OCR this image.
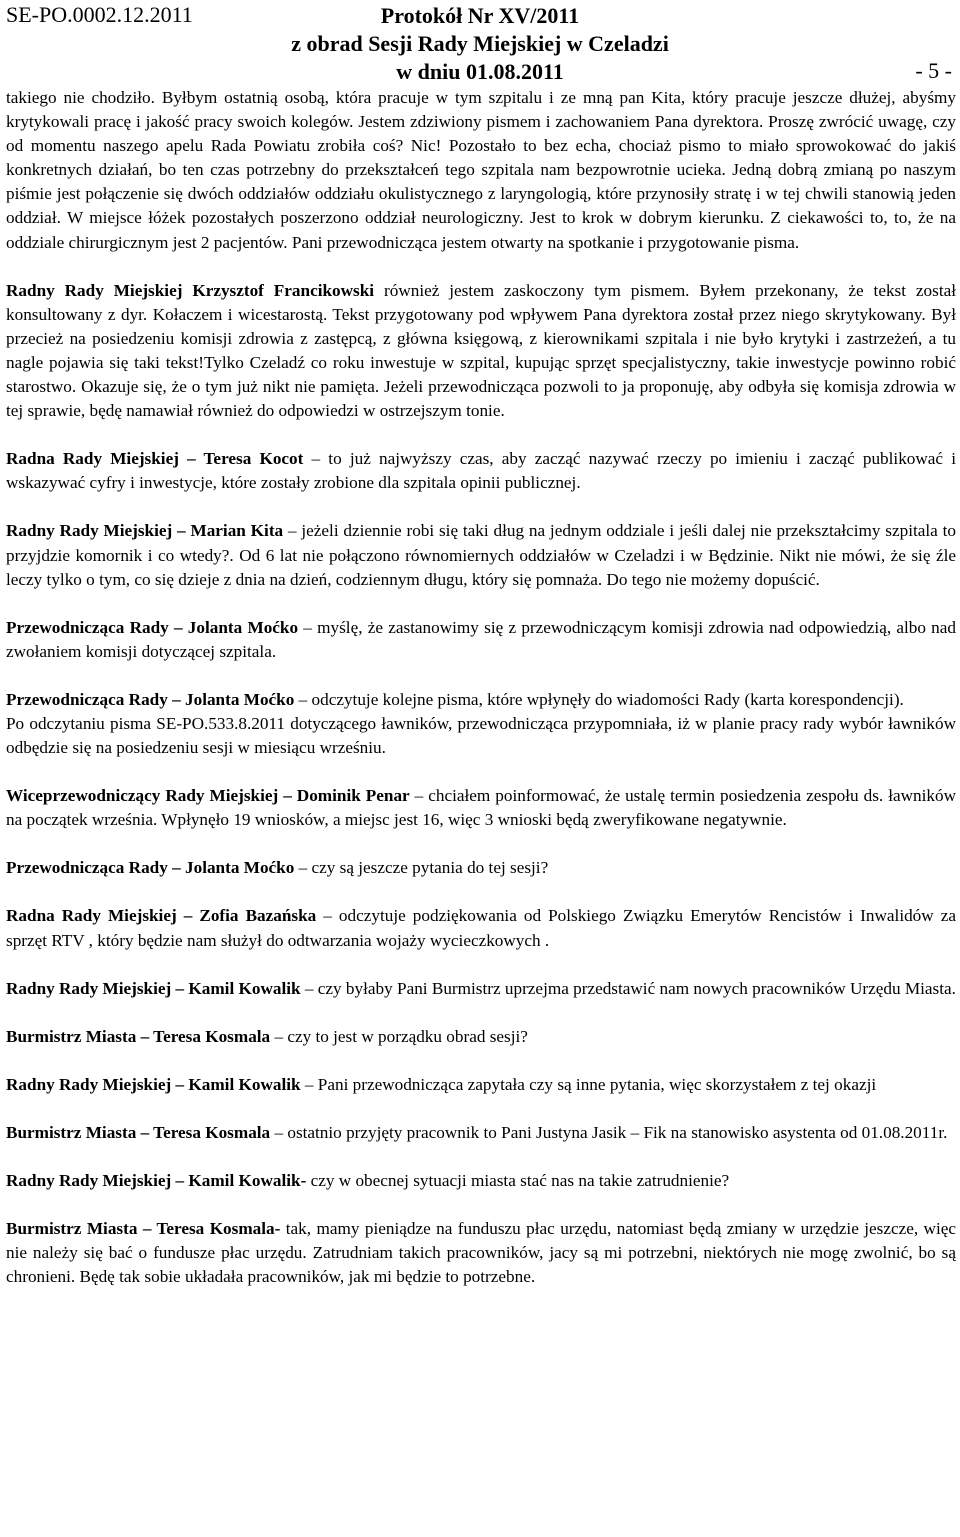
SE-PO.0002.12.2011	Protokół Nr XV/2011
z obrad Sesji Rady Miejskiej w Czeladzi
w dniu 01.08.2011	- 5 -

takiego nie chodziło. Byłbym ostatnią osobą, która pracuje w tym szpitalu i ze mną pan Kita, który pracuje jeszcze dłużej, abyśmy krytykowali pracę i jakość pracy swoich kolegów. Jestem zdziwiony pismem i zachowaniem Pana dyrektora. Proszę zwrócić uwagę, czy od momentu naszego apelu Rada Powiatu zrobiła coś? Nic! Pozostało to bez echa, chociaż pismo to miało sprowokować do jakiś konkretnych działań, bo ten czas potrzebny do przekształceń tego szpitala nam bezpowrotnie ucieka. Jedną dobrą zmianą po naszym piśmie jest połączenie się dwóch oddziałów oddziału okulistycznego z laryngologią, które przynosiły stratę i w tej chwili stanowią jeden oddział. W miejsce łóżek pozostałych poszerzono oddział neurologiczny. Jest to krok w dobrym kierunku. Z ciekawości to, to, że na oddziale chirurgicznym jest 2 pacjentów. Pani przewodnicząca jestem otwarty na spotkanie i przygotowanie pisma.

Radny Rady Miejskiej Krzysztof Francikowski również jestem zaskoczony tym pismem. Byłem przekonany, że tekst został konsultowany z dyr. Kołaczem i wicestarostą. Tekst przygotowany pod wpływem Pana dyrektora został przez niego skrytykowany. Był przecież na posiedzeniu komisji zdrowia z zastępcą, z główna księgową, z kierownikami szpitala i nie było krytyki i zastrzeżeń, a tu nagle pojawia się taki tekst!Tylko Czeladź co roku inwestuje w szpital, kupując sprzęt specjalistyczny, takie inwestycje powinno robić starostwo. Okazuje się, że o tym już nikt nie pamięta. Jeżeli przewodnicząca pozwoli to ja proponuję, aby odbyła się komisja zdrowia w tej sprawie, będę namawiał również do odpowiedzi w ostrzejszym tonie.

Radna Rady Miejskiej – Teresa Kocot – to już najwyższy czas, aby zacząć nazywać rzeczy po imieniu i zacząć publikować i wskazywać cyfry i inwestycje, które zostały zrobione dla szpitala opinii publicznej.

Radny Rady Miejskiej – Marian Kita – jeżeli dziennie robi się taki dług na jednym oddziale i jeśli dalej nie przekształcimy szpitala to przyjdzie komornik i co wtedy?. Od 6 lat nie połączono równomiernych oddziałów w Czeladzi i w Będzinie. Nikt nie mówi, że się źle leczy tylko o tym, co się dzieje z dnia na dzień, codziennym długu, który się pomnaża. Do tego nie możemy dopuścić.

Przewodnicząca Rady – Jolanta Moćko – myślę, że zastanowimy się z przewodniczącym komisji zdrowia nad odpowiedzią, albo nad zwołaniem komisji dotyczącej szpitala.

Przewodnicząca Rady – Jolanta Moćko – odczytuje kolejne pisma, które wpłynęły do wiadomości Rady (karta korespondencji).

Po odczytaniu pisma SE-PO.533.8.2011 dotyczącego ławników, przewodnicząca przypomniała, iż w planie pracy rady wybór ławników odbędzie się na posiedzeniu sesji w miesiącu wrześniu.

Wiceprzewodniczący Rady Miejskiej – Dominik Penar – chciałem poinformować, że ustalę termin posiedzenia zespołu ds. ławników na początek września. Wpłynęło 19 wniosków, a miejsc jest 16, więc 3 wnioski będą zweryfikowane negatywnie.

Przewodnicząca Rady – Jolanta Moćko – czy są jeszcze pytania do tej sesji?

Radna Rady Miejskiej – Zofia Bazańska – odczytuje podziękowania od Polskiego Związku Emerytów Rencistów i Inwalidów za sprzęt RTV , który będzie nam służył do odtwarzania wojaży wycieczkowych .

Radny Rady Miejskiej – Kamil Kowalik – czy byłaby Pani Burmistrz uprzejma przedstawić nam nowych pracowników Urzędu Miasta.

Burmistrz Miasta – Teresa Kosmala – czy to jest w porządku obrad sesji?

Radny Rady Miejskiej – Kamil Kowalik – Pani przewodnicząca zapytała czy są inne pytania, więc skorzystałem z tej okazji

Burmistrz Miasta – Teresa Kosmala – ostatnio przyjęty pracownik to Pani Justyna Jasik – Fik na stanowisko asystenta od 01.08.2011r.

Radny Rady Miejskiej – Kamil Kowalik- czy w obecnej sytuacji miasta stać nas na takie zatrudnienie?

Burmistrz Miasta – Teresa Kosmala- tak, mamy pieniądze na funduszu płac urzędu, natomiast będą zmiany w urzędzie jeszcze, więc nie należy się bać o fundusze płac urzędu. Zatrudniam takich pracowników, jacy są mi potrzebni, niektórych nie mogę zwolnić, bo są chronieni. Będę tak sobie układała pracowników, jak mi będzie to potrzebne.
